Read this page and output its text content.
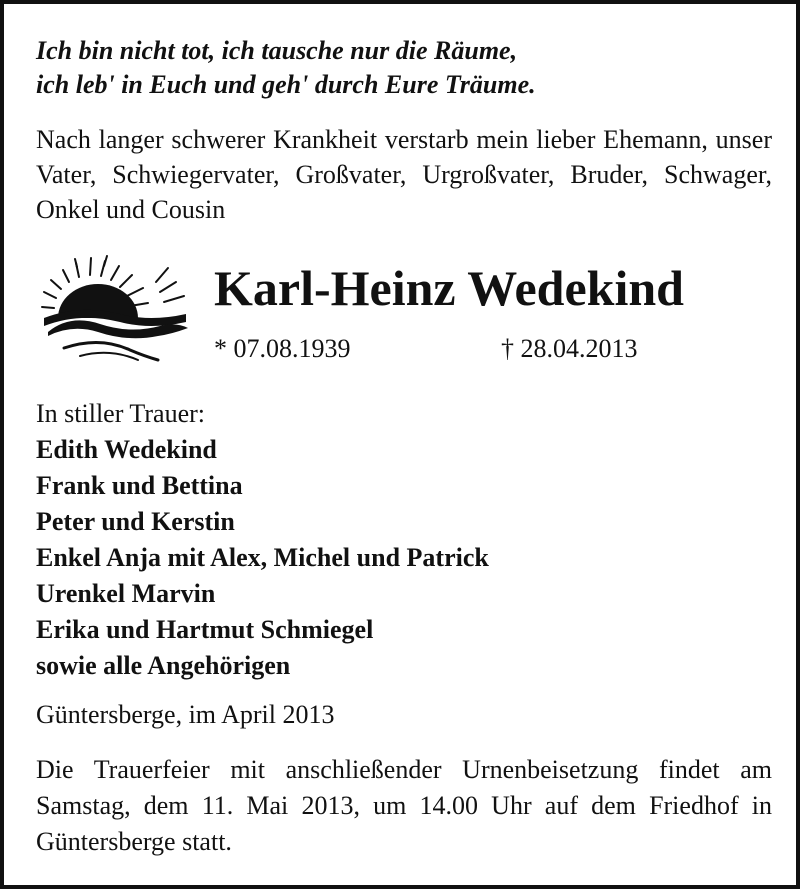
Ich bin nicht tot, ich tausche nur die Räume,
ich leb' in Euch und geh' durch Eure Träume.
Nach langer schwerer Krankheit verstarb mein lieber Ehemann, unser Vater, Schwiegervater, Großvater, Urgroßvater, Bruder, Schwager, Onkel und Cousin
Karl-Heinz Wedekind
* 07.08.1939	† 28.04.2013
In stiller Trauer:
Edith Wedekind
Frank und Bettina
Peter und Kerstin
Enkel Anja mit Alex, Michel und Patrick
Urenkel Marvin
Erika und Hartmut Schmiegel
sowie alle Angehörigen
Güntersberge, im April 2013
Die Trauerfeier mit anschließender Urnenbeisetzung findet am Samstag, dem 11. Mai 2013, um 14.00 Uhr auf dem Friedhof in Güntersberge statt.
